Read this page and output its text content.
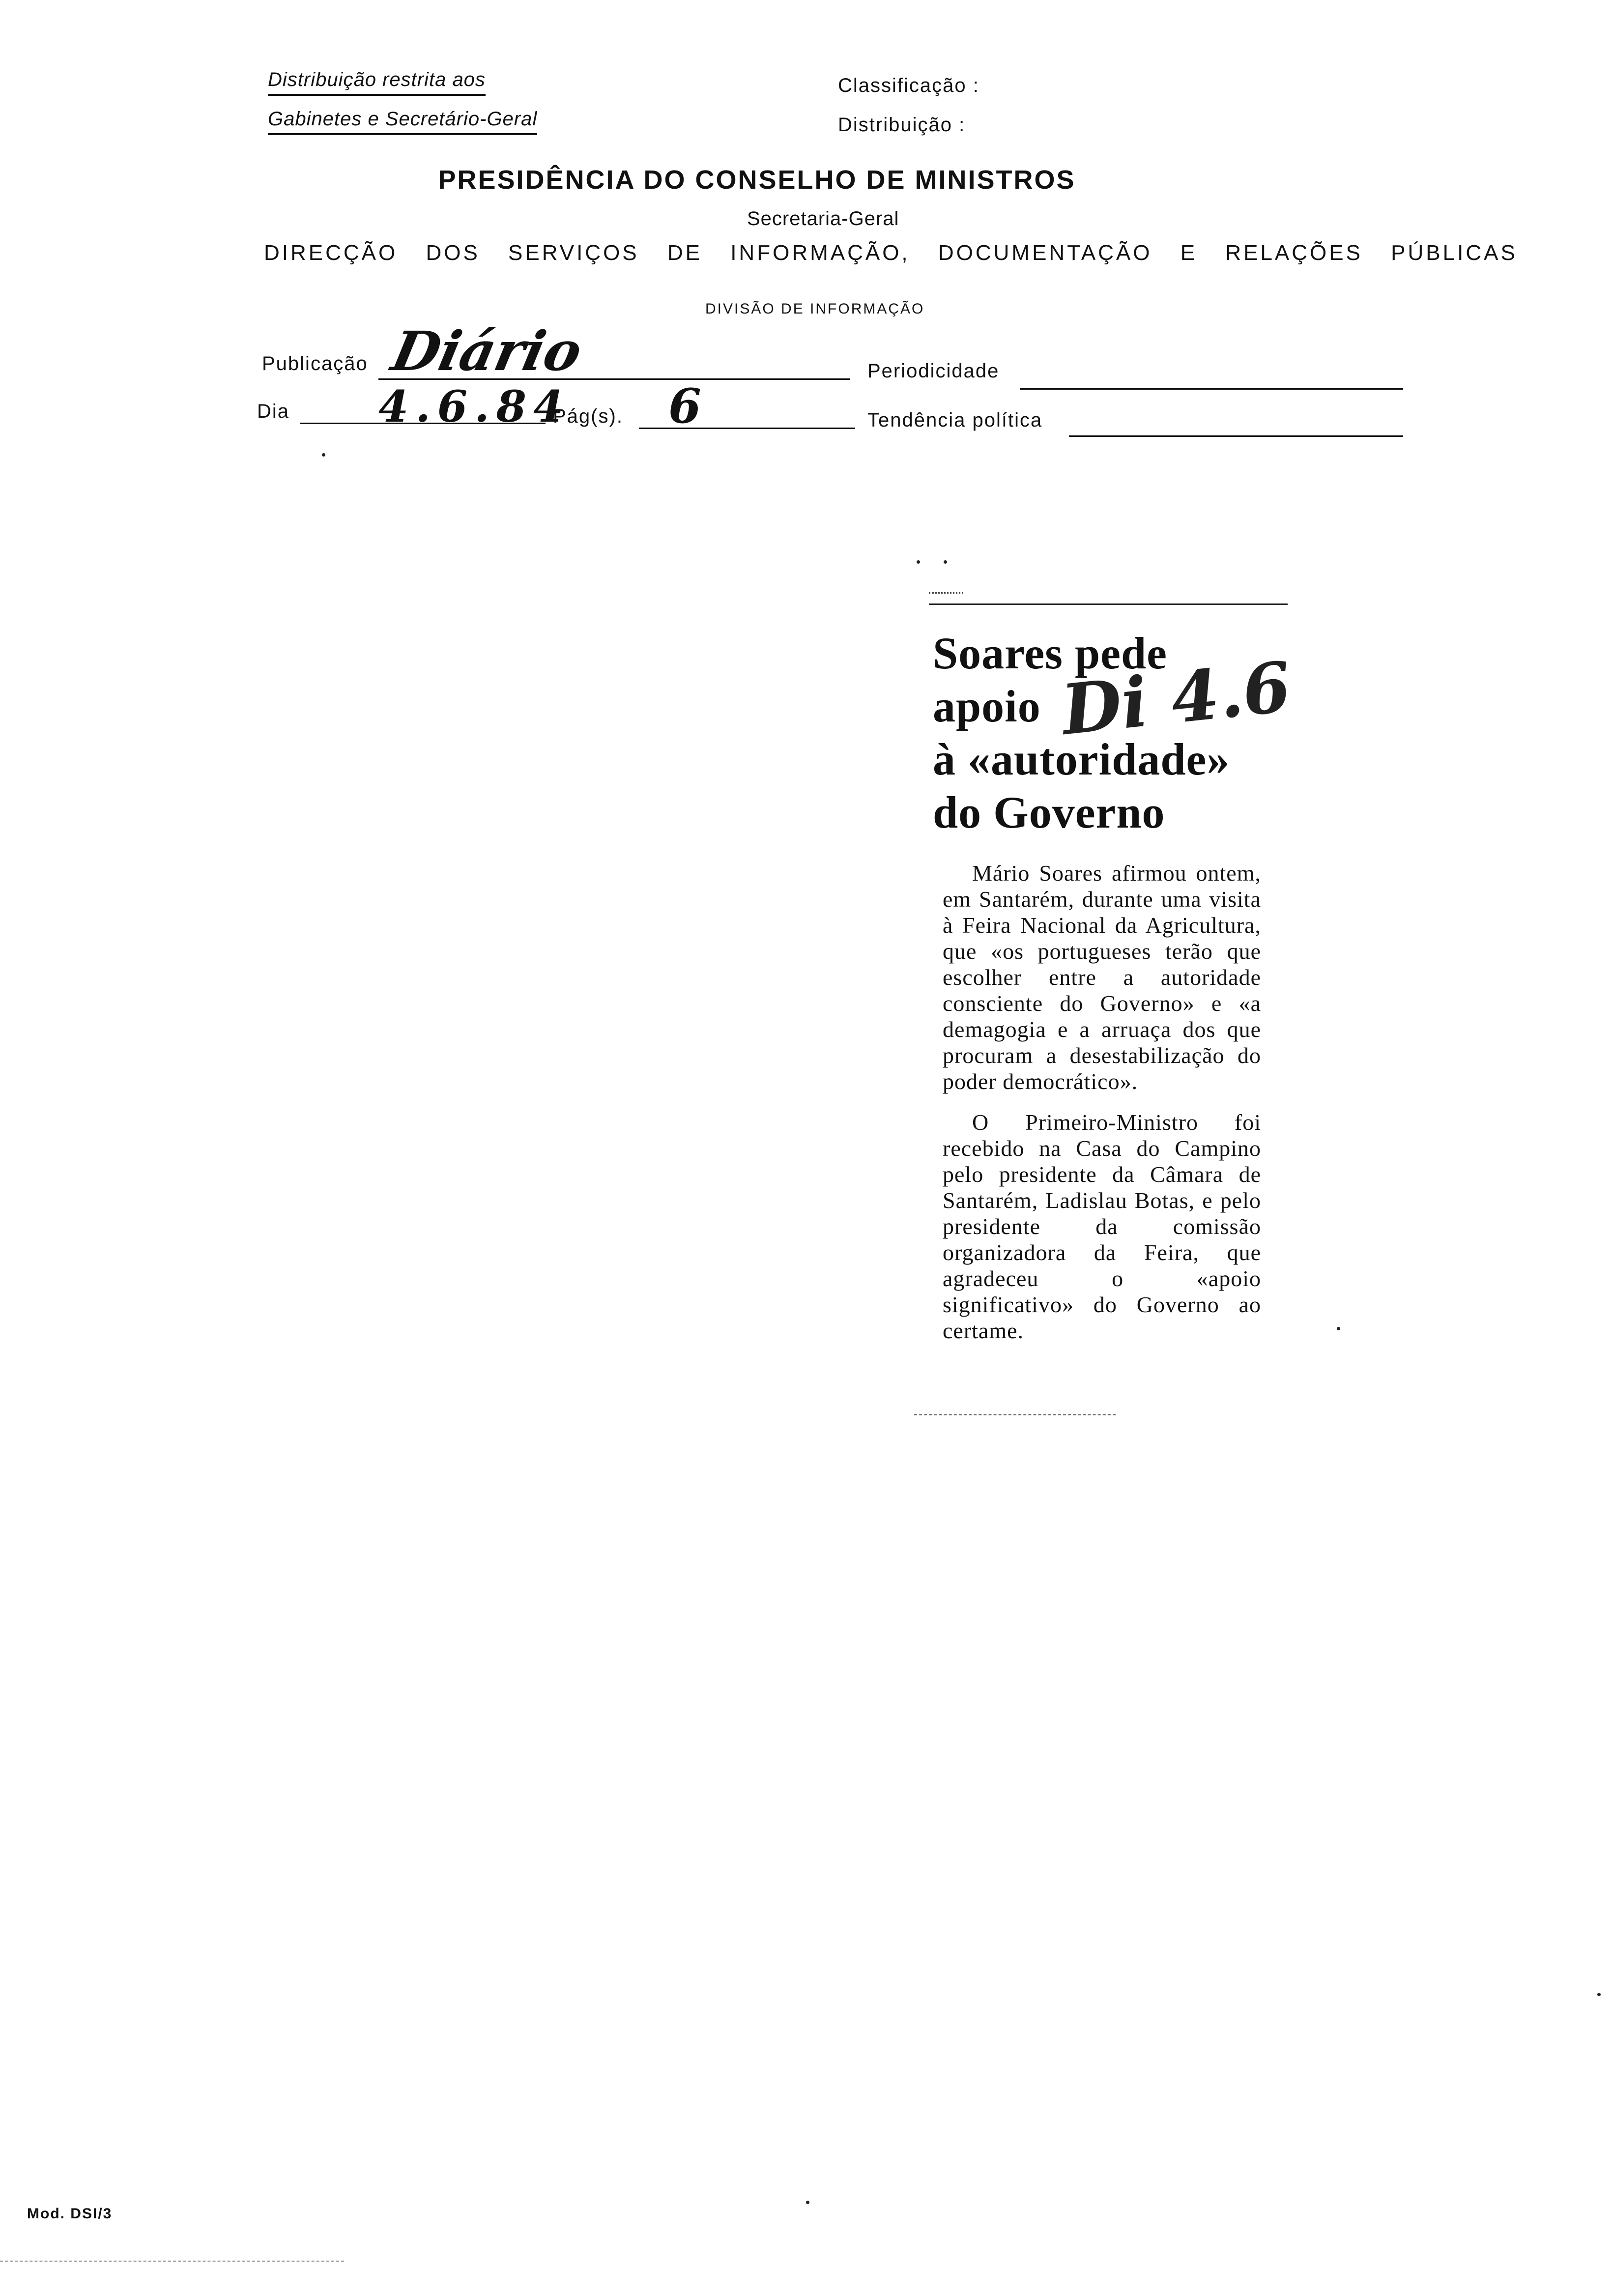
Distribuição restrita aos
Gabinetes e Secretário-Geral
Classificação :
Distribuição :
PRESIDÊNCIA DO CONSELHO DE MINISTROS
Secretaria-Geral
DIRECÇÃO DOS SERVIÇOS DE INFORMAÇÃO, DOCUMENTAÇÃO E RELAÇÕES PÚBLICAS
DIVISÃO DE INFORMAÇÃO
Publicação Diário	Periodicidade
Dia 4.6.84
Pág(s). 6	Tendência política
Soares pede
apoio
à «autoridade»
do Governo
Di 4.6

Mário Soares afirmou ontem, em Santarém, durante uma visita à Feira Nacional da Agricultura, que «os portugueses terão que escolher entre a autoridade consciente do Governo» e «a demagogia e a arruaça dos que procuram a desestabilização do poder democrático».

O Primeiro-Ministro foi recebido na Casa do Campino pelo presidente da Câmara de Santarém, Ladislau Botas, e pelo presidente da comissão organizadora da Feira, que agradeceu o «apoio significativo» do Governo ao certame.

Mod. DSI/3
